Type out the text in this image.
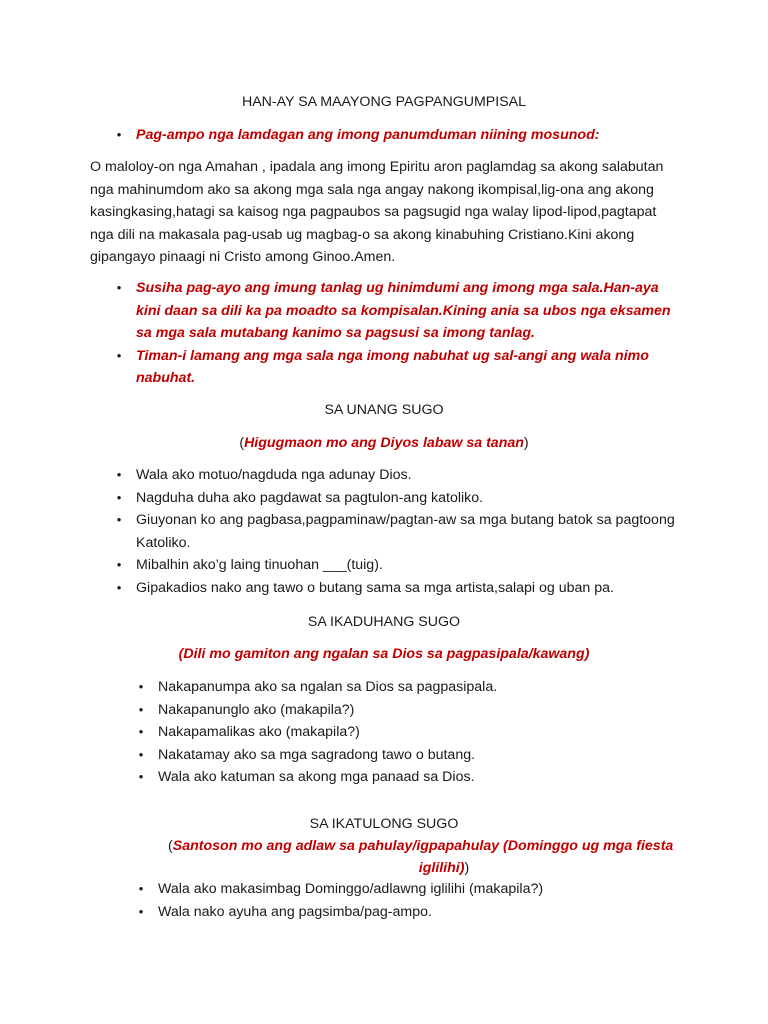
HAN-AY SA MAAYONG PAGPANGUMPISAL
• Pag-ampo nga lamdagan ang imong panumduman niining mosunod:
O maloloy-on nga Amahan , ipadala ang imong Epiritu aron paglamdag sa akong salabutan nga mahinumdom ako sa akong mga sala nga angay nakong ikompisal,lig-ona ang akong kasingkasing,hatagi sa kaisog nga pagpaubos sa pagsugid nga walay lipod-lipod,pagtapat nga dili na makasala pag-usab ug magbag-o sa akong kinabuhing Cristiano.Kini akong gipangayo pinaagi ni Cristo among Ginoo.Amen.
• Susiha pag-ayo ang imung tanlag ug hinimdumi ang imong mga sala.Han-aya kini daan sa dili ka pa moadto sa kompisalan.Kining ania sa ubos nga eksamen sa mga sala mutabang kanimo sa pagsusi sa imong tanlag.
• Timan-i lamang ang mga sala nga imong nabuhat ug sal-angi ang wala nimo nabuhat.
SA UNANG SUGO
(Higugmaon mo ang Diyos labaw sa tanan)
• Wala ako motuo/nagduda nga adunay Dios.
• Nagduha duha ako pagdawat sa pagtulon-ang katoliko.
• Giuyonan ko ang pagbasa,pagpaminaw/pagtan-aw sa mga butang batok sa pagtoong Katoliko.
• Mibalhin ako’g laing tinuohan ___(tuig).
• Gipakadios nako ang tawo o butang sama sa mga artista,salapi og uban pa.
SA IKADUHANG SUGO
(Dili mo gamiton ang ngalan sa Dios sa pagpasipala/kawang)
• Nakapanumpa ako sa ngalan sa Dios sa pagpasipala.
• Nakapanunglo ako (makapila?)
• Nakapamalikas ako (makapila?)
• Nakatamay ako sa mga sagradong tawo o butang.
• Wala ako katuman sa akong mga panaad sa Dios.
SA IKATULONG SUGO
(Santoson mo ang adlaw sa pahulay/igpapahulay (Dominggo ug mga fiesta
iglilihi))
• Wala ako makasimbag Dominggo/adlawng iglilihi (makapila?)
• Wala nako ayuha ang pagsimba/pag-ampo.
